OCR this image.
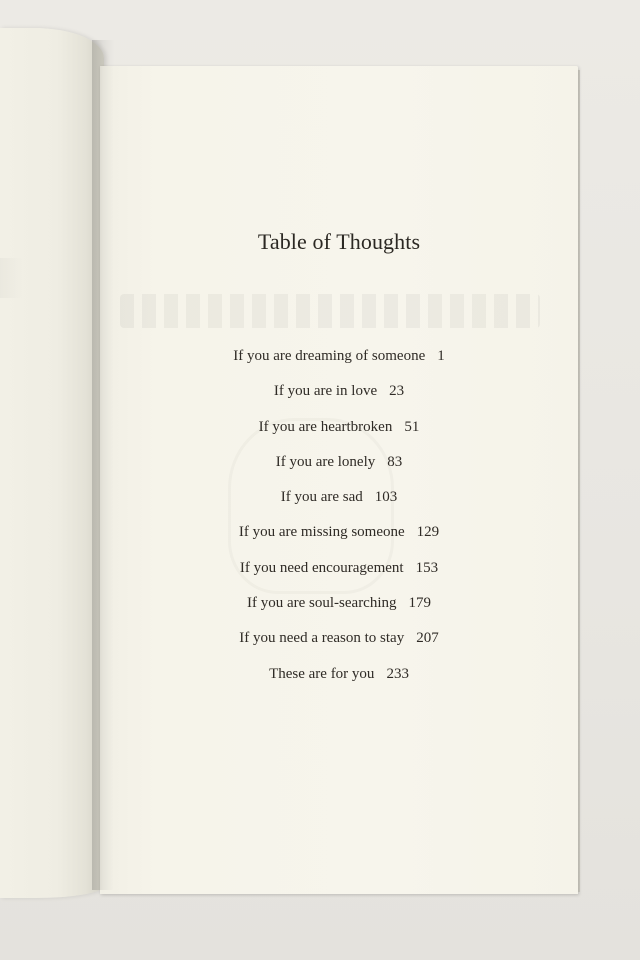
Table of Thoughts
If you are dreaming of someone 1
If you are in love 23
If you are heartbroken 51
If you are lonely 83
If you are sad 103
If you are missing someone 129
If you need encouragement 153
If you are soul-searching 179
If you need a reason to stay 207
These are for you 233
